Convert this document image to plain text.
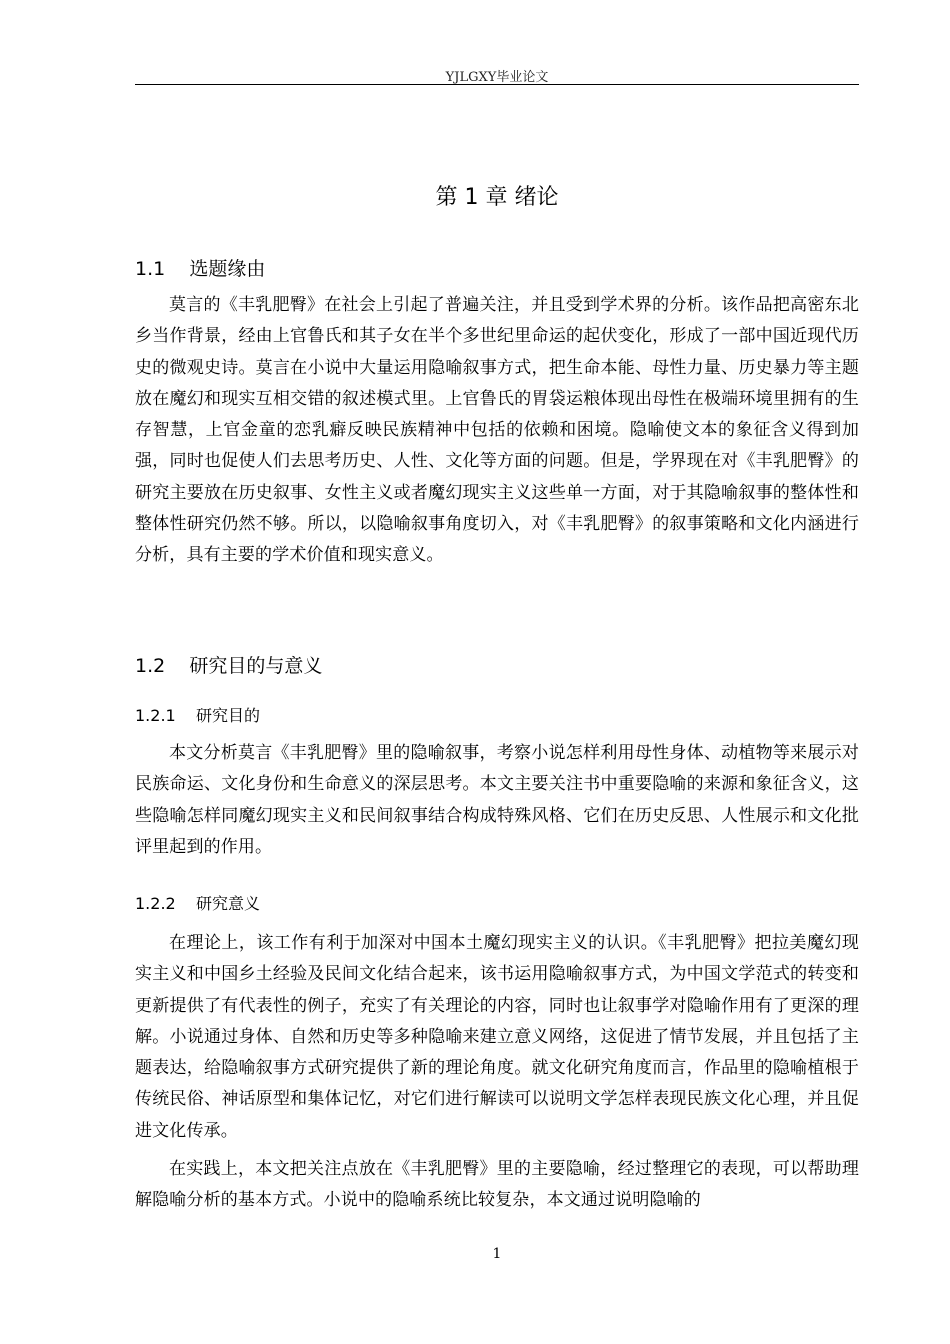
YJLGXY毕业论文
第 1 章 绪论
1.1    选题缘由

莫言的《丰乳肥臀》在社会上引起了普遍关注，并且受到学术界的分析。该作品把高密东北乡当作背景，经由上官鲁氏和其子女在半个多世纪里命运的起伏变化，形成了一部中国近现代历史的微观史诗。莫言在小说中大量运用隐喻叙事方式，把生命本能、母性力量、历史暴力等主题放在魔幻和现实互相交错的叙述模式里。上官鲁氏的胃袋运粮体现出母性在极端环境里拥有的生存智慧，上官金童的恋乳癖反映民族精神中包括的依赖和困境。隐喻使文本的象征含义得到加强，同时也促使人们去思考历史、人性、文化等方面的问题。但是，学界现在对《丰乳肥臀》的研究主要放在历史叙事、女性主义或者魔幻现实主义这些单一方面，对于其隐喻叙事的整体性和整体性研究仍然不够。所以，以隐喻叙事角度切入，对《丰乳肥臀》的叙事策略和文化内涵进行分析，具有主要的学术价值和现实意义。

1.2    研究目的与意义
1.2.1    研究目的

本文分析莫言《丰乳肥臀》里的隐喻叙事，考察小说怎样利用母性身体、动植物等来展示对民族命运、文化身份和生命意义的深层思考。本文主要关注书中重要隐喻的来源和象征含义，这些隐喻怎样同魔幻现实主义和民间叙事结合构成特殊风格、它们在历史反思、人性展示和文化批评里起到的作用。

1.2.2    研究意义

在理论上，该工作有利于加深对中国本土魔幻现实主义的认识。《丰乳肥臀》把拉美魔幻现实主义和中国乡土经验及民间文化结合起来，该书运用隐喻叙事方式，为中国文学范式的转变和更新提供了有代表性的例子，充实了有关理论的内容，同时也让叙事学对隐喻作用有了更深的理解。小说通过身体、自然和历史等多种隐喻来建立意义网络，这促进了情节发展，并且包括了主题表达，给隐喻叙事方式研究提供了新的理论角度。就文化研究角度而言，作品里的隐喻植根于传统民俗、神话原型和集体记忆，对它们进行解读可以说明文学怎样表现民族文化心理，并且促进文化传承。

在实践上，本文把关注点放在《丰乳肥臀》里的主要隐喻，经过整理它的表现，可以帮助理解隐喻分析的基本方式。小说中的隐喻系统比较复杂，本文通过说明隐喻的

1
